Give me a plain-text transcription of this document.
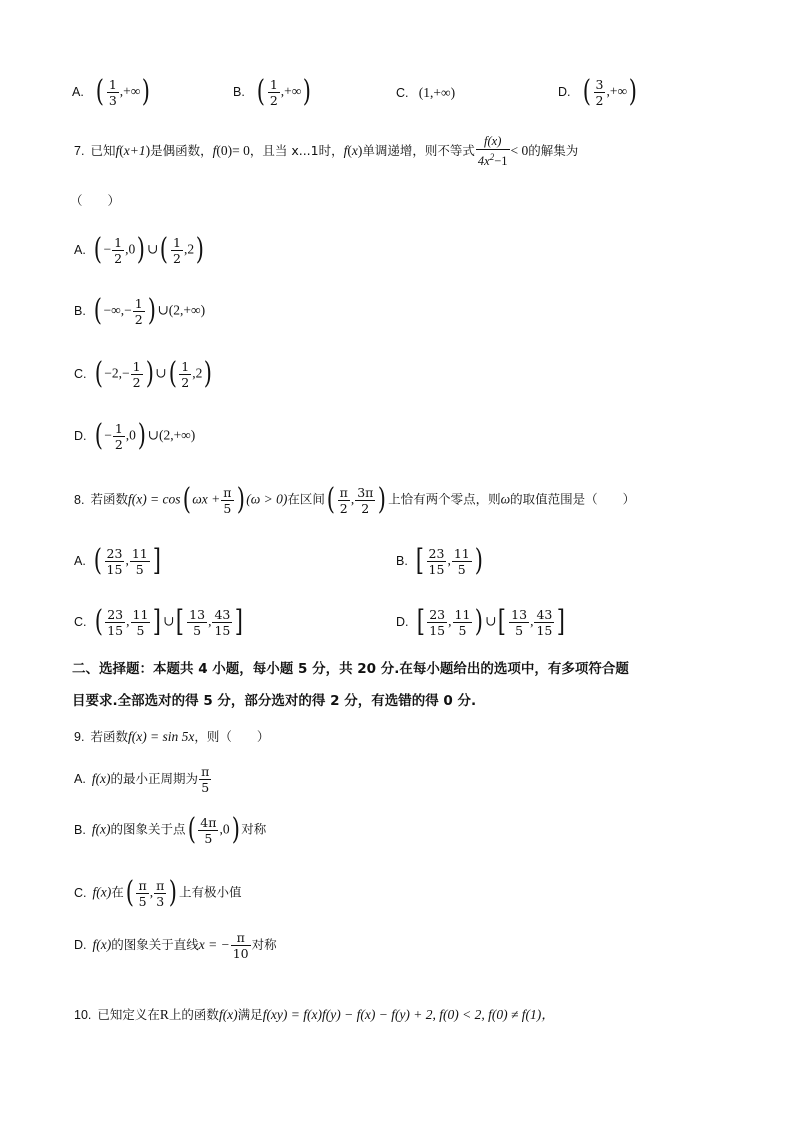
A. ( $\frac{1}{3}$ ,+∞)	B. ( $\frac{1}{2}$ ,+∞)	C. (1,+∞)	D. ( $\frac{3}{2}$ ,+∞)
7. 已知f(x+1)是偶函数，f(0)= 0，且当 x...1时，f(x)单调递增，则不等式 $\frac{f(x)}{4x^2-1} < 0$的解集为
（　　）
A. ( − $\frac{1}{2} ,0$) ∪( $\frac{1}{2} ,2$)
B. ( −∞,− $\frac{1}{2}$ ) ∪(2,+∞)
C. ( $-2,- \frac{1}{2}$ ) ∪( $\frac{1}{2} ,2$)
D. ( − $\frac{1}{2} ,0$) ∪(2,+∞)
8. 若函数f(x) = cos( $\omega x + \frac{\pi}{5}$ ) (ω > 0)在区间( $\frac{\pi}{2}$ , $\frac{3\pi}{2}$ ) 上恰有两个零点，则ω的取值范围是（　　）
A. ( $\frac{23}{15}$ , $\frac{11}{5}$ ]	B. [ $\frac{23}{15}$ , $\frac{11}{5}$ )
C. ( $\frac{23}{15}$ , $\frac{11}{5}$ ] ∪[ $\frac{13}{5}$ , $\frac{43}{15}$ ]	D. [ $\frac{23}{15}$ , $\frac{11}{5}$ ) ∪[ $\frac{13}{5}$ , $\frac{43}{15}$ ]
二、选择题：本题共 4 小题，每小题 5 分，共 20 分.在每小题给出的选项中，有多项符合题
目要求.全部选对的得 5 分，部分选对的得 2 分，有选错的得 0 分.
9. 若函数f(x) = sin 5x，则（　　）
A. f(x)的最小正周期为 $\frac{\pi}{5}$
B. f(x)的图象关于点( $\frac{4\pi}{5} ,0$) 对称
C. f(x)在( $\frac{\pi}{5}$ , $\frac{\pi}{3}$ ) 上有极小值
D. f(x)的图象关于直线x = − $\frac{\pi}{10}$ 对称
10. 已知定义在R上的函数f(x)满足f(xy) = f(x)f(y) − f(x) − f(y) + 2, f(0) < 2, f(0) ≠ f(1)，
